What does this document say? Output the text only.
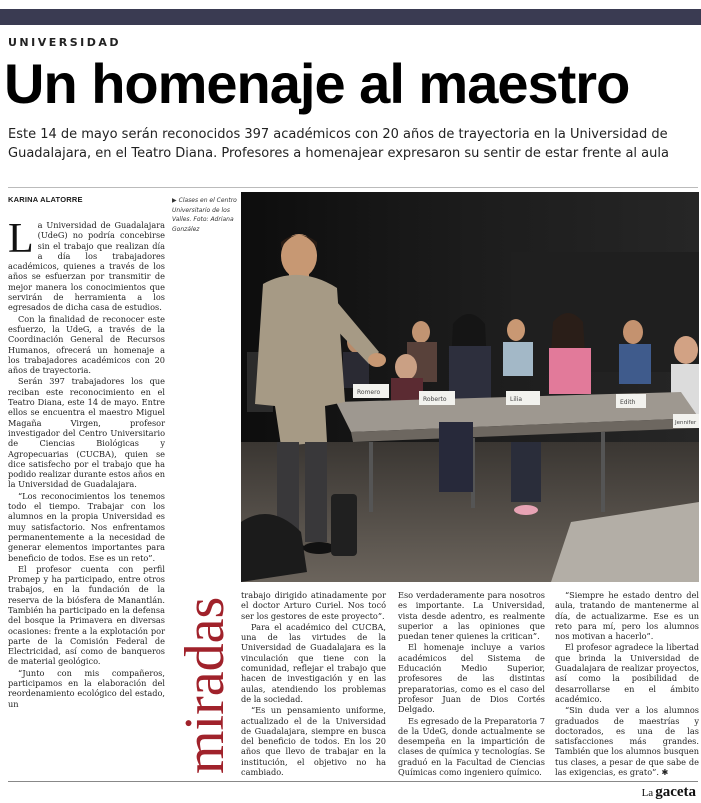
UNIVERSIDAD
Un homenaje al maestro
Este 14 de mayo serán reconocidos 397 académicos con 20 años de trayectoria en la Universidad de Guadalajara, en el Teatro Diana. Profesores a homenajear expresaron su sentir de estar frente al aula
KARINA ALATORRE	▶ Clases en el Centro Universitario de los Valles. Foto: Adriana González
Romero
Roberto	Lilia	Edith
Jennifer

La Universidad de Guadalajara (UdeG) no podría concebirse sin el trabajo que realizan día a día los trabajadores académicos, quienes a través de los años se esfuerzan por transmitir de mejor manera los conocimientos que servirán de herramienta a los egresados de dicha casa de estudios.

Con la finalidad de reconocer este esfuerzo, la UdeG, a través de la Coordinación General de Recursos Humanos, ofrecerá un homenaje a los trabajadores académicos con 20 años de trayectoria.

Serán 397 trabajadores los que reciban este reconocimiento en el Teatro Diana, este 14 de mayo. Entre ellos se encuentra el maestro Miguel Magaña Virgen, profesor investigador del Centro Universitario de Ciencias Biológicas y Agropecuarias (CUCBA), quien se dice satisfecho por el trabajo que ha podido realizar durante estos años en la Universidad de Guadalajara.

“Los reconocimientos los tenemos todo el tiempo. Trabajar con los alumnos en la propia Universidad es muy satisfactorio. Nos enfrentamos permanentemente a la necesidad de generar elementos importantes para beneficio de todos. Ese es un reto”.

El profesor cuenta con perfil Promep y ha participado, entre otros trabajos, en la fundación de la reserva de la biósfera de Manantlán. También ha participado en la defensa del bosque la Primavera en diversas ocasiones: frente a la explotación por parte de la Comisión Federal de Electricidad, así como de banqueros de material geológico.

“Junto con mis compañeros, participamos en la elaboración del reordenamiento ecológico del estado, un	miradas

trabajo dirigido atinadamente por el doctor Arturo Curiel. Nos tocó ser los gestores de este proyecto”.

Para el académico del CUCBA, una de las virtudes de la Universidad de Guadalajara es la vinculación que tiene con la comunidad, reflejar el trabajo que hacen de investigación y en las aulas, atendiendo los problemas de la sociedad.

“Es un pensamiento uniforme, actualizado el de la Universidad de Guadalajara, siempre en busca del beneficio de todos. En los 20 años que llevo de trabajar en la institución, el objetivo no ha cambiado.

Eso verdaderamente para nosotros es importante. La Universidad, vista desde adentro, es realmente superior a las opiniones que puedan tener quienes la critican”.

El homenaje incluye a varios académicos del Sistema de Educación Medio Superior, profesores de las distintas preparatorias, como es el caso del profesor Juan de Dios Cortés Delgado.

Es egresado de la Preparatoria 7 de la UdeG, donde actualmente se desempeña en la impartición de clases de química y tecnologías. Se graduó en la Facultad de Ciencias Químicas como ingeniero químico.

“Siempre he estado dentro del aula, tratando de mantenerme al día, de actualizarme. Ese es un reto para mí, pero los alumnos nos motivan a hacerlo”.

El profesor agradece la libertad que brinda la Universidad de Guadalajara de realizar proyectos, así como la posibilidad de desarrollarse en el ámbito académico.

“Sin duda ver a los alumnos graduados de maestrías y doctorados, es una de las satisfacciones más grandes. También que los alumnos busquen tus clases, a pesar de que sabe de las exigencias, es grato”. ✱

La gaceta
